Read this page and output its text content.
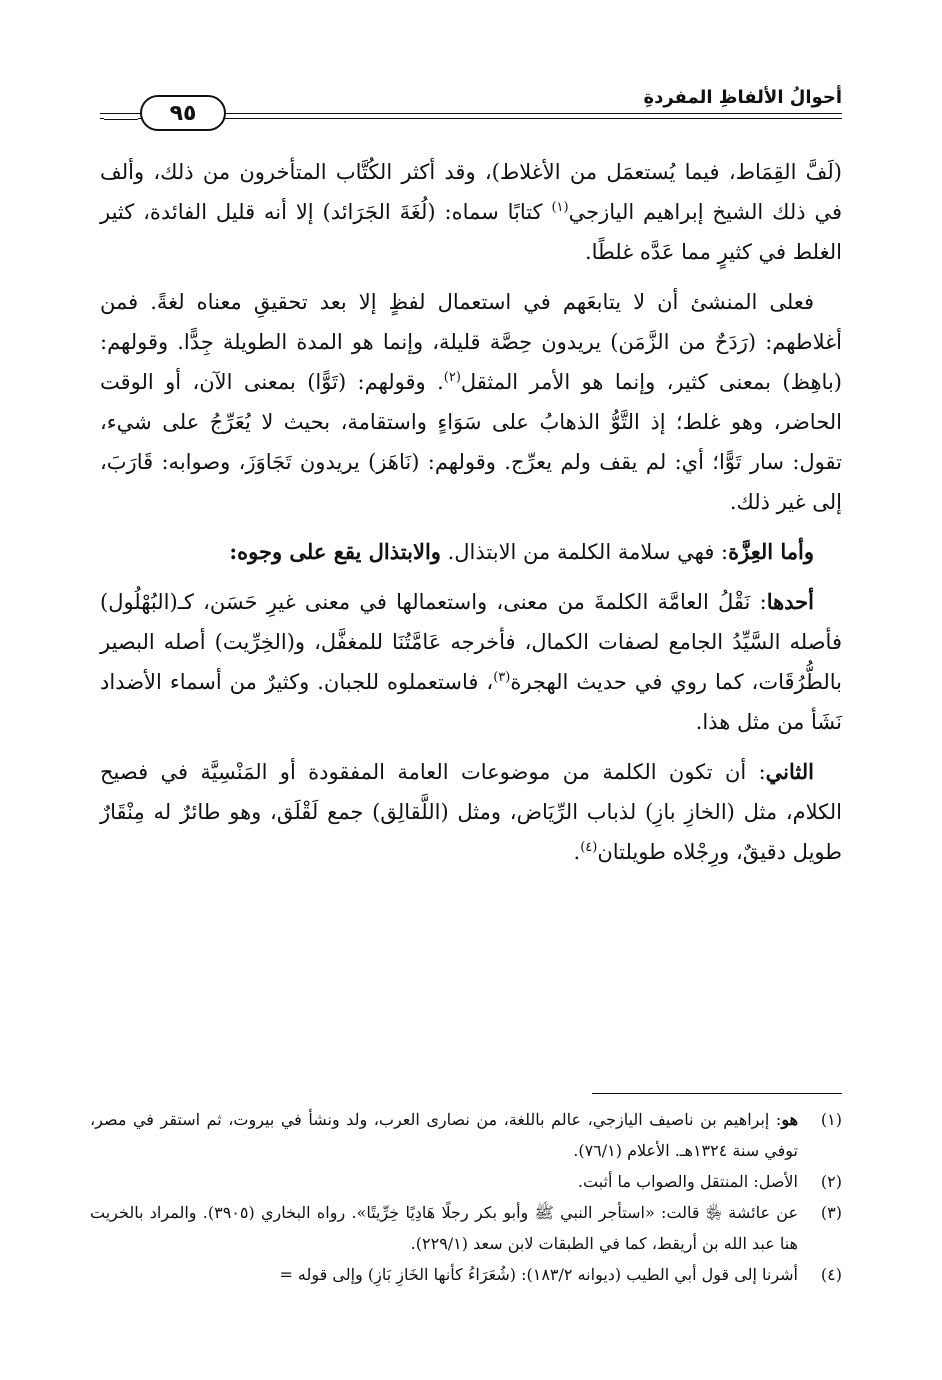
أحوالُ الألفاظِ المفردةِ
٩٥

(لَفَّ القِمَاط، فيما يُستعمَل من الأغلاط)، وقد أكثر الكُتَّاب المتأخرون من ذلك، وألف في ذلك الشيخ إبراهيم اليازجي$^{(١)}$ كتابًا سماه: (لُغَةَ الجَرَائد) إلا أنه قليل الفائدة، كثير الغلط في كثيرٍ مما عَدَّه غلطًا.

فعلى المنشئ أن لا يتابعَهم في استعمال لفظٍ إلا بعد تحقيقِ معناه لغةً. فمن أغلاطهم: (رَدَحٌ من الزَّمَن) يريدون حِصَّة قليلة، وإنما هو المدة الطويلة جِدًّا. وقولهم: (باهِظ) بمعنى كثير، وإنما هو الأمر المثقل$^{(٢)}$. وقولهم: (تَوًّا) بمعنى الآن، أو الوقت الحاضر، وهو غلط؛ إذ التَّوُّ الذهابُ على سَوَاءٍ واستقامة، بحيث لا يُعَرِّجُ على شيء، تقول: سار تَوًّا؛ أي: لم يقف ولم يعرِّج. وقولهم: (نَاهَز) يريدون تَجَاوَزَ، وصوابه: قَارَبَ، إلى غير ذلك.

وأما العِزَّة: فهي سلامة الكلمة من الابتذال. والابتذال يقع على وجوه:

أحدها: نَقْلُ العامَّة الكلمةَ من معنى، واستعمالها في معنى غيرِ حَسَن، كـ(البُهْلُول) فأصله السَّيِّدُ الجامع لصفات الكمال، فأخرجه عَامَّتُنَا للمغفَّل، و(الخِرِّيت) أصله البصير بالطُّرُقَات، كما روي في حديث الهجرة$^{(٣)}$، فاستعملوه للجبان. وكثيرٌ من أسماء الأضداد نَشَأ من مثل هذا.

الثاني: أن تكون الكلمة من موضوعات العامة المفقودة أو المَنْسِيَّة في فصيح الكلام، مثل (الخازِ بازِ) لذباب الرِّيَاض، ومثل (اللَّقالِق) جمع لَقْلَق، وهو طائرٌ له مِنْقَارٌ طويل دقيقٌ، ورِجْلاه طويلتان$^{(٤)}$.

(١)
هو: إبراهيم بن ناصيف اليازجي، عالم باللغة، من نصارى العرب، ولد ونشأ في بيروت، ثم استقر في مصر، توفي سنة ١٣٢٤هـ. الأعلام (٧٦/١).
(٢)
الأصل: المنتقل والصواب ما أثبت.
(٣)
عن عائشة ﵂ قالت: «استأجر النبي ﷺ وأبو بكر رجلًا هَادِيًا خِرِّيتًا». رواه البخاري (٣٩٠٥). والمراد بالخريت هنا عبد الله بن أريقط، كما في الطبقات لابن سعد (٢٢٩/١).
(٤)
أشرنا إلى قول أبي الطيب (ديوانه ١٨٣/٢): (شُعَرَاءُ كأنها الخَازِ بَازِ) وإلى قوله =
